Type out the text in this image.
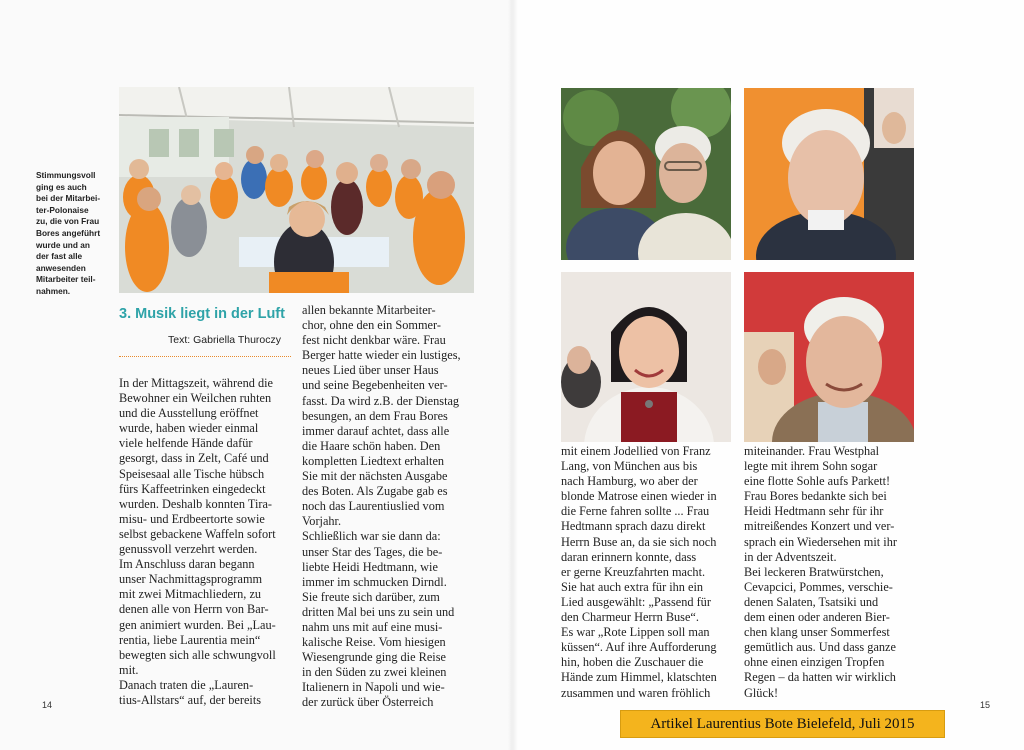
Stimmungsvoll
ging es auch
bei der Mitarbei-
ter-Polonaise
zu, die von Frau
Bores angeführt
wurde und an
der fast alle
anwesenden
Mitarbeiter teil-
nahmen.
3. Musik liegt in der Luft
Text: Gabriella Thuroczy

In der Mittagszeit, während die
Bewohner ein Weilchen ruhten
und die Ausstellung eröffnet
wurde, haben wieder einmal
viele helfende Hände dafür
gesorgt, dass in Zelt, Café und
Speisesaal alle Tische hübsch
fürs Kaffeetrinken eingedeckt
wurden. Deshalb konnten Tira-
misu- und Erdbeertorte sowie
selbst gebackene Waffeln sofort
genussvoll verzehrt werden.
Im Anschluss daran begann
unser Nachmittagsprogramm
mit zwei Mitmachliedern, zu
denen alle von Herrn von Bar-
gen animiert wurden. Bei „Lau-
rentia, liebe Laurentia mein“
bewegten sich alle schwungvoll
mit.
Danach traten die „Lauren-
tius-Allstars“ auf, der bereits

allen bekannte Mitarbeiter-
chor, ohne den ein Sommer-
fest nicht denkbar wäre. Frau
Berger hatte wieder ein lustiges,
neues Lied über unser Haus
und seine Begebenheiten ver-
fasst. Da wird z.B. der Dienstag
besungen, an dem Frau Bores
immer darauf achtet, dass alle
die Haare schön haben. Den
kompletten Liedtext erhalten
Sie mit der nächsten Ausgabe
des Boten. Als Zugabe gab es
noch das Laurentiuslied vom
Vorjahr.
Schließlich war sie dann da:
unser Star des Tages, die be-
liebte Heidi Hedtmann, wie
immer im schmucken Dirndl.
Sie freute sich darüber, zum
dritten Mal bei uns zu sein und
nahm uns mit auf eine musi-
kalische Reise. Vom hiesigen
Wiesengrunde ging die Reise
in den Süden zu zwei kleinen
Italienern in Napoli und wie-
der zurück über Österreich

mit einem Jodellied von Franz
Lang, von München aus bis
nach Hamburg, wo aber der
blonde Matrose einen wieder in
die Ferne fahren sollte ... Frau
Hedtmann sprach dazu direkt
Herrn Buse an, da sie sich noch
daran erinnern konnte, dass
er gerne Kreuzfahrten macht.
Sie hat auch extra für ihn ein
Lied ausgewählt: „Passend für
den Charmeur Herrn Buse“.
Es war „Rote Lippen soll man
küssen“. Auf ihre Aufforderung
hin, hoben die Zuschauer die
Hände zum Himmel, klatschten
zusammen und waren fröhlich

miteinander. Frau Westphal
legte mit ihrem Sohn sogar
eine flotte Sohle aufs Parkett!
Frau Bores bedankte sich bei
Heidi Hedtmann sehr für ihr
mitreißendes Konzert und ver-
sprach ein Wiedersehen mit ihr
in der Adventszeit.
Bei leckeren Bratwürstchen,
Cevapcici, Pommes, verschie-
denen Salaten, Tsatsiki und
dem einen oder anderen Bier-
chen klang unser Sommerfest
gemütlich aus. Und dass ganze
ohne einen einzigen Tropfen
Regen – da hatten wir wirklich
Glück!

14	15
Artikel Laurentius Bote Bielefeld, Juli 2015
